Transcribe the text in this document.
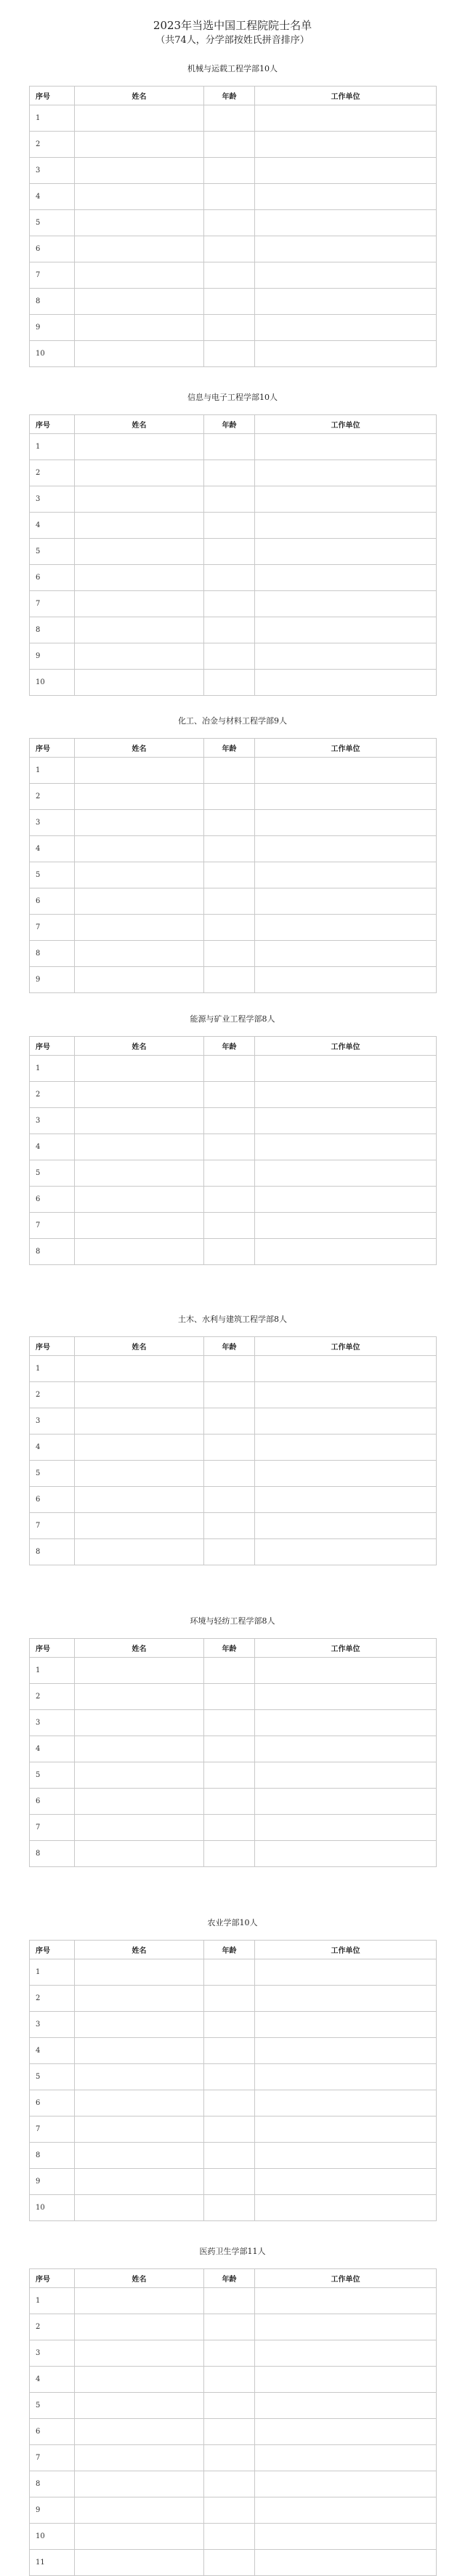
2023年当选中国工程院院士名单
（共74人，分学部按姓氏拼音排序）
机械与运载工程学部10人
序号	姓名	年龄	工作单位
1			
2			
3			
4			
5			
6			
7			
8			
9			
10			
信息与电子工程学部10人
序号	姓名	年龄	工作单位
1			
2			
3			
4			
5			
6			
7			
8			
9			
10			
化工、冶金与材料工程学部9人
序号	姓名	年龄	工作单位
1			
2			
3			
4			
5			
6			
7			
8			
9			
能源与矿业工程学部8人
序号	姓名	年龄	工作单位
1			
2			
3			
4			
5			
6			
7			
8			
土木、水利与建筑工程学部8人
序号	姓名	年龄	工作单位
1			
2			
3			
4			
5			
6			
7			
8			
环境与轻纺工程学部8人
序号	姓名	年龄	工作单位
1			
2			
3			
4			
5			
6			
7			
8			
农业学部10人
序号	姓名	年龄	工作单位
1			
2			
3			
4			
5			
6			
7			
8			
9			
10			
医药卫生学部11人
序号	姓名	年龄	工作单位
1			
2			
3			
4			
5			
6			
7			
8			
9			
10			
11			
